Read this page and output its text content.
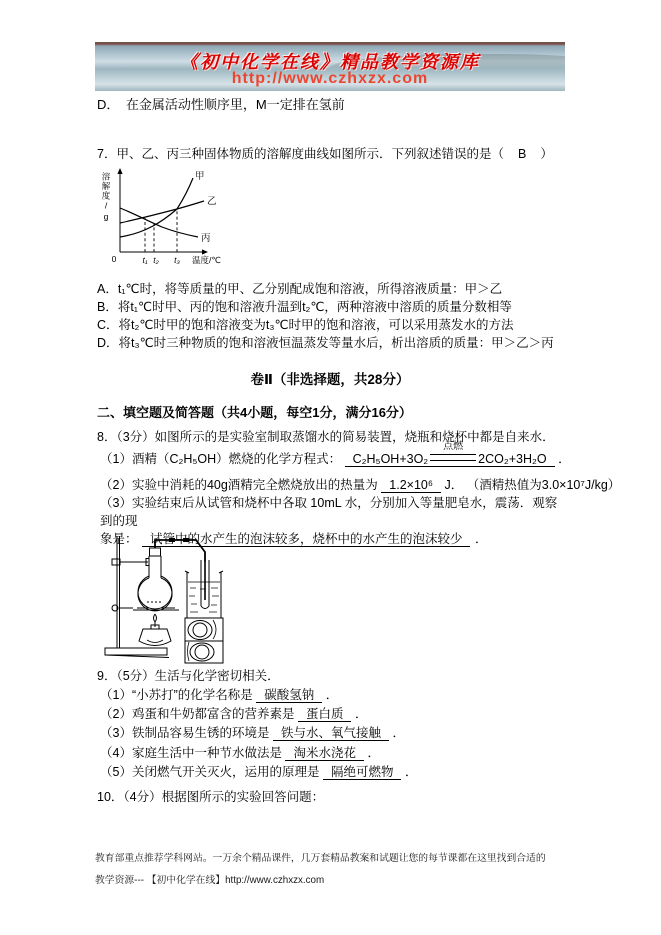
《初中化学在线》精品教学资源库
http://www.czhxzx.com
D．　在金属活动性顺序里，M一定排在氢前
7．甲、乙、丙三种固体物质的溶解度曲线如图所示．下列叙述错误的是（ B ）
溶解度/g
0	t₁ t₂ t₃ 温度/℃
甲
乙
丙
A．t₁℃时，将等质量的甲、乙分别配成饱和溶液，所得溶液质量：甲＞乙
B．将t₁℃时甲、丙的饱和溶液升温到t₂℃，两种溶液中溶质的质量分数相等
C．将t₂℃时甲的饱和溶液变为t₃℃时甲的饱和溶液，可以采用蒸发水的方法
D．将t₃℃时三种物质的饱和溶液恒温蒸发等量水后，析出溶质的质量：甲＞乙＞丙
卷Ⅱ（非选择题，共28分）
二、填空题及简答题（共4小题，每空1分，满分16分）
8．（3分）如图所示的是实验室制取蒸馏水的简易装置，烧瓶和烧杯中都是自来水．
（1）酒精（C₂H₅OH）燃烧的化学方程式： C₂H₅OH+3O₂
点燃
2CO₂+3H₂O ．
（2）实验中消耗的40g酒精完全燃烧放出的热量为 1.2×10⁶ J． （酒精热值为3.0×10⁷J/kg）
（3）实验结束后从试管和烧杯中各取 10mL 水，分别加入等量肥皂水，震荡．观察到的现
象是： 试管中的水产生的泡沫较多，烧杯中的水产生的泡沫较少 ．
9．（5分）生活与化学密切相关．
（1）“小苏打”的化学名称是 碳酸氢钠 ．
（2）鸡蛋和牛奶都富含的营养素是 蛋白质 ．
（3）铁制品容易生锈的环境是 铁与水、氧气接触 ．
（4）家庭生活中一种节水做法是 淘米水浇花 ．
（5）关闭燃气开关灭火，运用的原理是 隔绝可燃物 ．
10．（4分）根据图所示的实验回答问题：
教育部重点推荐学科网站。一万余个精品课件，几万套精品教案和试题让您的每节课都在这里找到合适的
教学资源--- 【初中化学在线】http://www.czhxzx.com
